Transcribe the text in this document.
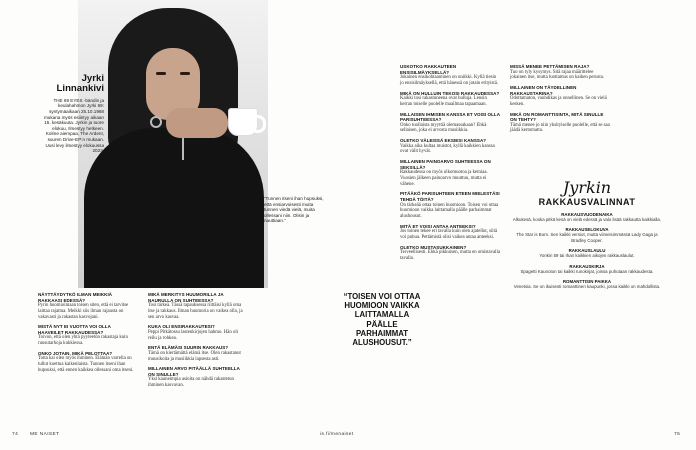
“Tunnen itseni ihan hupsuksi, että ensiarvoisesti muita tunnen viedä vielä, muita ollessani niin. Olisin ja nauttiaan.”
Jyrki
Linnankivi
THE 69 EYES -bändin ja keulahahmon Jyrki 69: syntymäaikaan 25.10.1968 mukana myös esiintyy aikaan 15. kesäkuuta. Jyrkin ja tuore elokuu, Ilmestyy hetkeen. Kolme aiempaa, The Ardent, suuren Drive-EP:n mukaan. Uusi levy ilmestyy elokuussa 2023.
NÄYTTÄYDYTKÖ ILMAN MEIKKIÄ RAKKAASI EDESSÄ?
Pyrin huomioimaan toisen siten, että ei tarvitse laittaa rajattua. Meikki siis ilman rajausta on vakavasti ja rakastan kasvojani.
MISTÄ NYT EI VUOTTA VOI OLLA HAAVEILET RAKKAUDESSA?
Toivon, että olen yhtä pyyteetön rakastaja kuin ruusutarhoja kukkiessa.
ONKO JOTAIN, MIKÄ PELOTTAA?
Totta kai olen myös ihminen. Elämän varrella on tullut koettua kaikenlaista. Tunnen itseni ihan hupsuksi, että ennen kaikkea ollessani oma itseni.
MIKÄ MERKITYS HUUMORILLA JA NAURULLA ON SUHTEESSA?
Tosi tärkeä. Tässä tapauksessa riittäisi kyllä oma itse ja rakkaus. Ilman huumoria on vaikea olla, ja sen arvo kasvaa.
KUKA OLI ENSIRAKKAUTESI?
Peppi Pitkätossu lastenkirjojen hahmo. Hän oli reilu ja rohkea.
ENTÄ ELÄMÄSI SUURIN RAKKAUS?
Tämä on kiertämättä elämä itse. Olen rakastanut muusikoita ja musiikkia lapsesta asti.
MILLAINEN ARVO PITÄÄLLÄ SUHTEELLA ON SINULLE?
Yksi kauneimpia asioita on nähdä rakastetun ihminen kasvavan.
“TOISEN VOI OTTAA HUOMIOON VAIKKA LAITTAMALLA PÄÄLLE PARHAIMMAT ALUSHOUSUT.”
USKOTKO RAKKAUTEEN ENSISILMÄYKSELLÄ?
Jokainen ensikohtaaminen on uniikki. Kyllä tiesin jo ensisilmäyksellä, että hänessä on jotain erityistä.
MIKÄ ON HULLUIN TEKOSI RAKKAUDESSA?
Kaikki tosi rakastuneena ovat hulluja. Lensin kerran toiselle puolelle maailmaa tapaamaan.
MILLAISEN IHMISEN KANSSA ET VOISI OLLA PARISUHTEESSA?
Onko tuollaista myyttiä olemassakaan? Ehkä sellaisen, joka ei arvosta musiikkia.
OLETKO VÄLEISSÄ EKSIESI KANSSA?
Vaikka aika kultaa muistot, kyllä kaikkien kanssa ovat välit hyvät.
MILLAINEN PAINOARVO SUHTEESSA ON SEKSILLÄ?
Rakkaudessa on myös ulkomuotoa ja kemiaa. Vuosien jälkeen painoarvo muuttuu, mutta ei vähene.
PITÄÄKÖ PARISUHTEEN ETEEN MIELESTÄSI TEHDÄ TÖITÄ?
On tärkeää ottaa toinen huomioon. Toisen voi ottaa huomioon vaikka laittamalla päälle parhaimmat alushousut.
MITÄ ET VOISI ANTAA ANTEEKSI?
Jos toinen tekee eri tavalla kuin olen ajatellut, siitä voi puhua. Pettämistä olisi vaikea antaa anteeksi.
OLETKO MUSTASUKKAINEN?
Terveellisesti. Ehkä pikkuisen, mutta en omistavalla tavalla.
MISSÄ MENEE PETTÄMISEN RAJA?
Tuo on tyly kysymys. Sitä rajaa määrittelee jokainen itse, mutta luottamus on kaiken perusta.
MILLAINEN ON TÄYDELLINEN RAKKAUSTARINA?
Odottamaton, vauhdikas ja onnellinen. Se on vielä kesken.
MIKÄ ON ROMANTTISINTA, MITÄ SINULLE ON TEHTY?
Tämä menee jo niin yksityiselle puolelle, että se saa jäädä kertomatta.
Jyrkin
RAKKAUSVALINNAT
RAKKAUSVUODENAIKA
Alkukesä, koska pitkä kesä on vielä edessä ja valo lisää rakkautta kaikkialla.
RAKKAUSELOKUVA
The Star is Born. Sen kaikki versiot, mutta viimeisimmässä Lady Gaga ja Bradley Cooper.
RAKKAUSLAULU
Yonkin 59 tai Ihan kaikkien aikojen rakkauslaulut.
RAKKAUSKIRJA
Spagetti Kaunoton tai kaikki runokirjat, joissa puhutaan rakkaudesta.
ROMANTTISIN PAIKKA
Venetsia. Se on ikuisesti romanttinen kaupunki, jossa kaikki on mahdollista.
74 ME NAISET	is.fi/menaiset	75
